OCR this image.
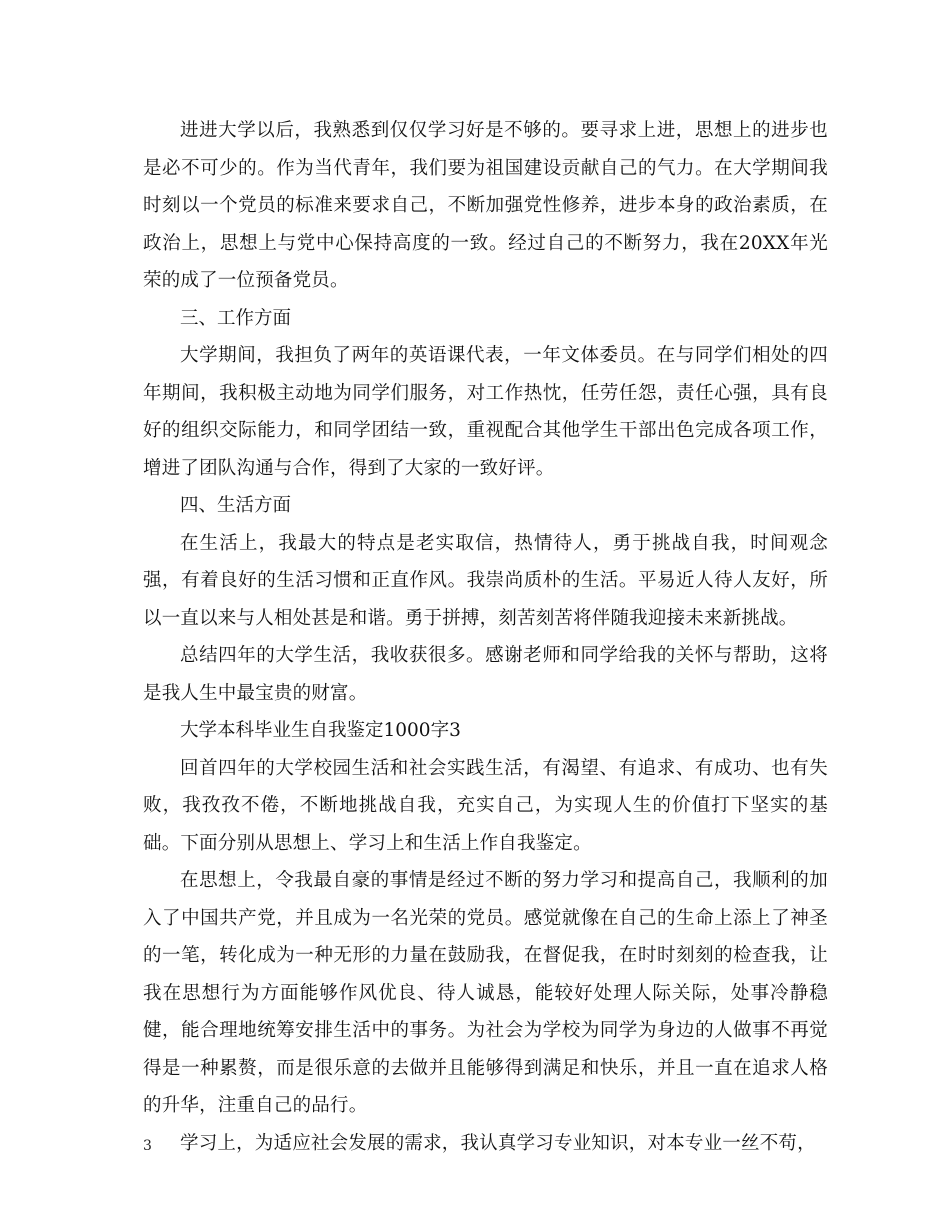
进进大学以后，我熟悉到仅仅学习好是不够的。要寻求上进，思想上的进步也是必不可少的。作为当代青年，我们要为祖国建设贡献自己的气力。在大学期间我时刻以一个党员的标准来要求自己，不断加强党性修养，进步本身的政治素质，在政治上，思想上与党中心保持高度的一致。经过自己的不断努力，我在20XX年光荣的成了一位预备党员。

三、工作方面

大学期间，我担负了两年的英语课代表，一年文体委员。在与同学们相处的四年期间，我积极主动地为同学们服务，对工作热忱，任劳任怨，责任心强，具有良好的组织交际能力，和同学团结一致，重视配合其他学生干部出色完成各项工作，增进了团队沟通与合作，得到了大家的一致好评。

四、生活方面

在生活上，我最大的特点是老实取信，热情待人，勇于挑战自我，时间观念强，有着良好的生活习惯和正直作风。我崇尚质朴的生活。平易近人待人友好，所以一直以来与人相处甚是和谐。勇于拼搏，刻苦刻苦将伴随我迎接未来新挑战。

总结四年的大学生活，我收获很多。感谢老师和同学给我的关怀与帮助，这将是我人生中最宝贵的财富。

大学本科毕业生自我鉴定1000字3

回首四年的大学校园生活和社会实践生活，有渴望、有追求、有成功、也有失败，我孜孜不倦，不断地挑战自我，充实自己，为实现人生的价值打下坚实的基础。下面分别从思想上、学习上和生活上作自我鉴定。

在思想上，令我最自豪的事情是经过不断的努力学习和提高自己，我顺利的加入了中国共产党，并且成为一名光荣的党员。感觉就像在自己的生命上添上了神圣的一笔，转化成为一种无形的力量在鼓励我，在督促我，在时时刻刻的检查我，让我在思想行为方面能够作风优良、待人诚恳，能较好处理人际关际，处事冷静稳健，能合理地统筹安排生活中的事务。为社会为学校为同学为身边的人做事不再觉得是一种累赘，而是很乐意的去做并且能够得到满足和快乐，并且一直在追求人格的升华，注重自己的品行。

学习上，为适应社会发展的需求，我认真学习专业知识，对本专业一丝不苟，

3
